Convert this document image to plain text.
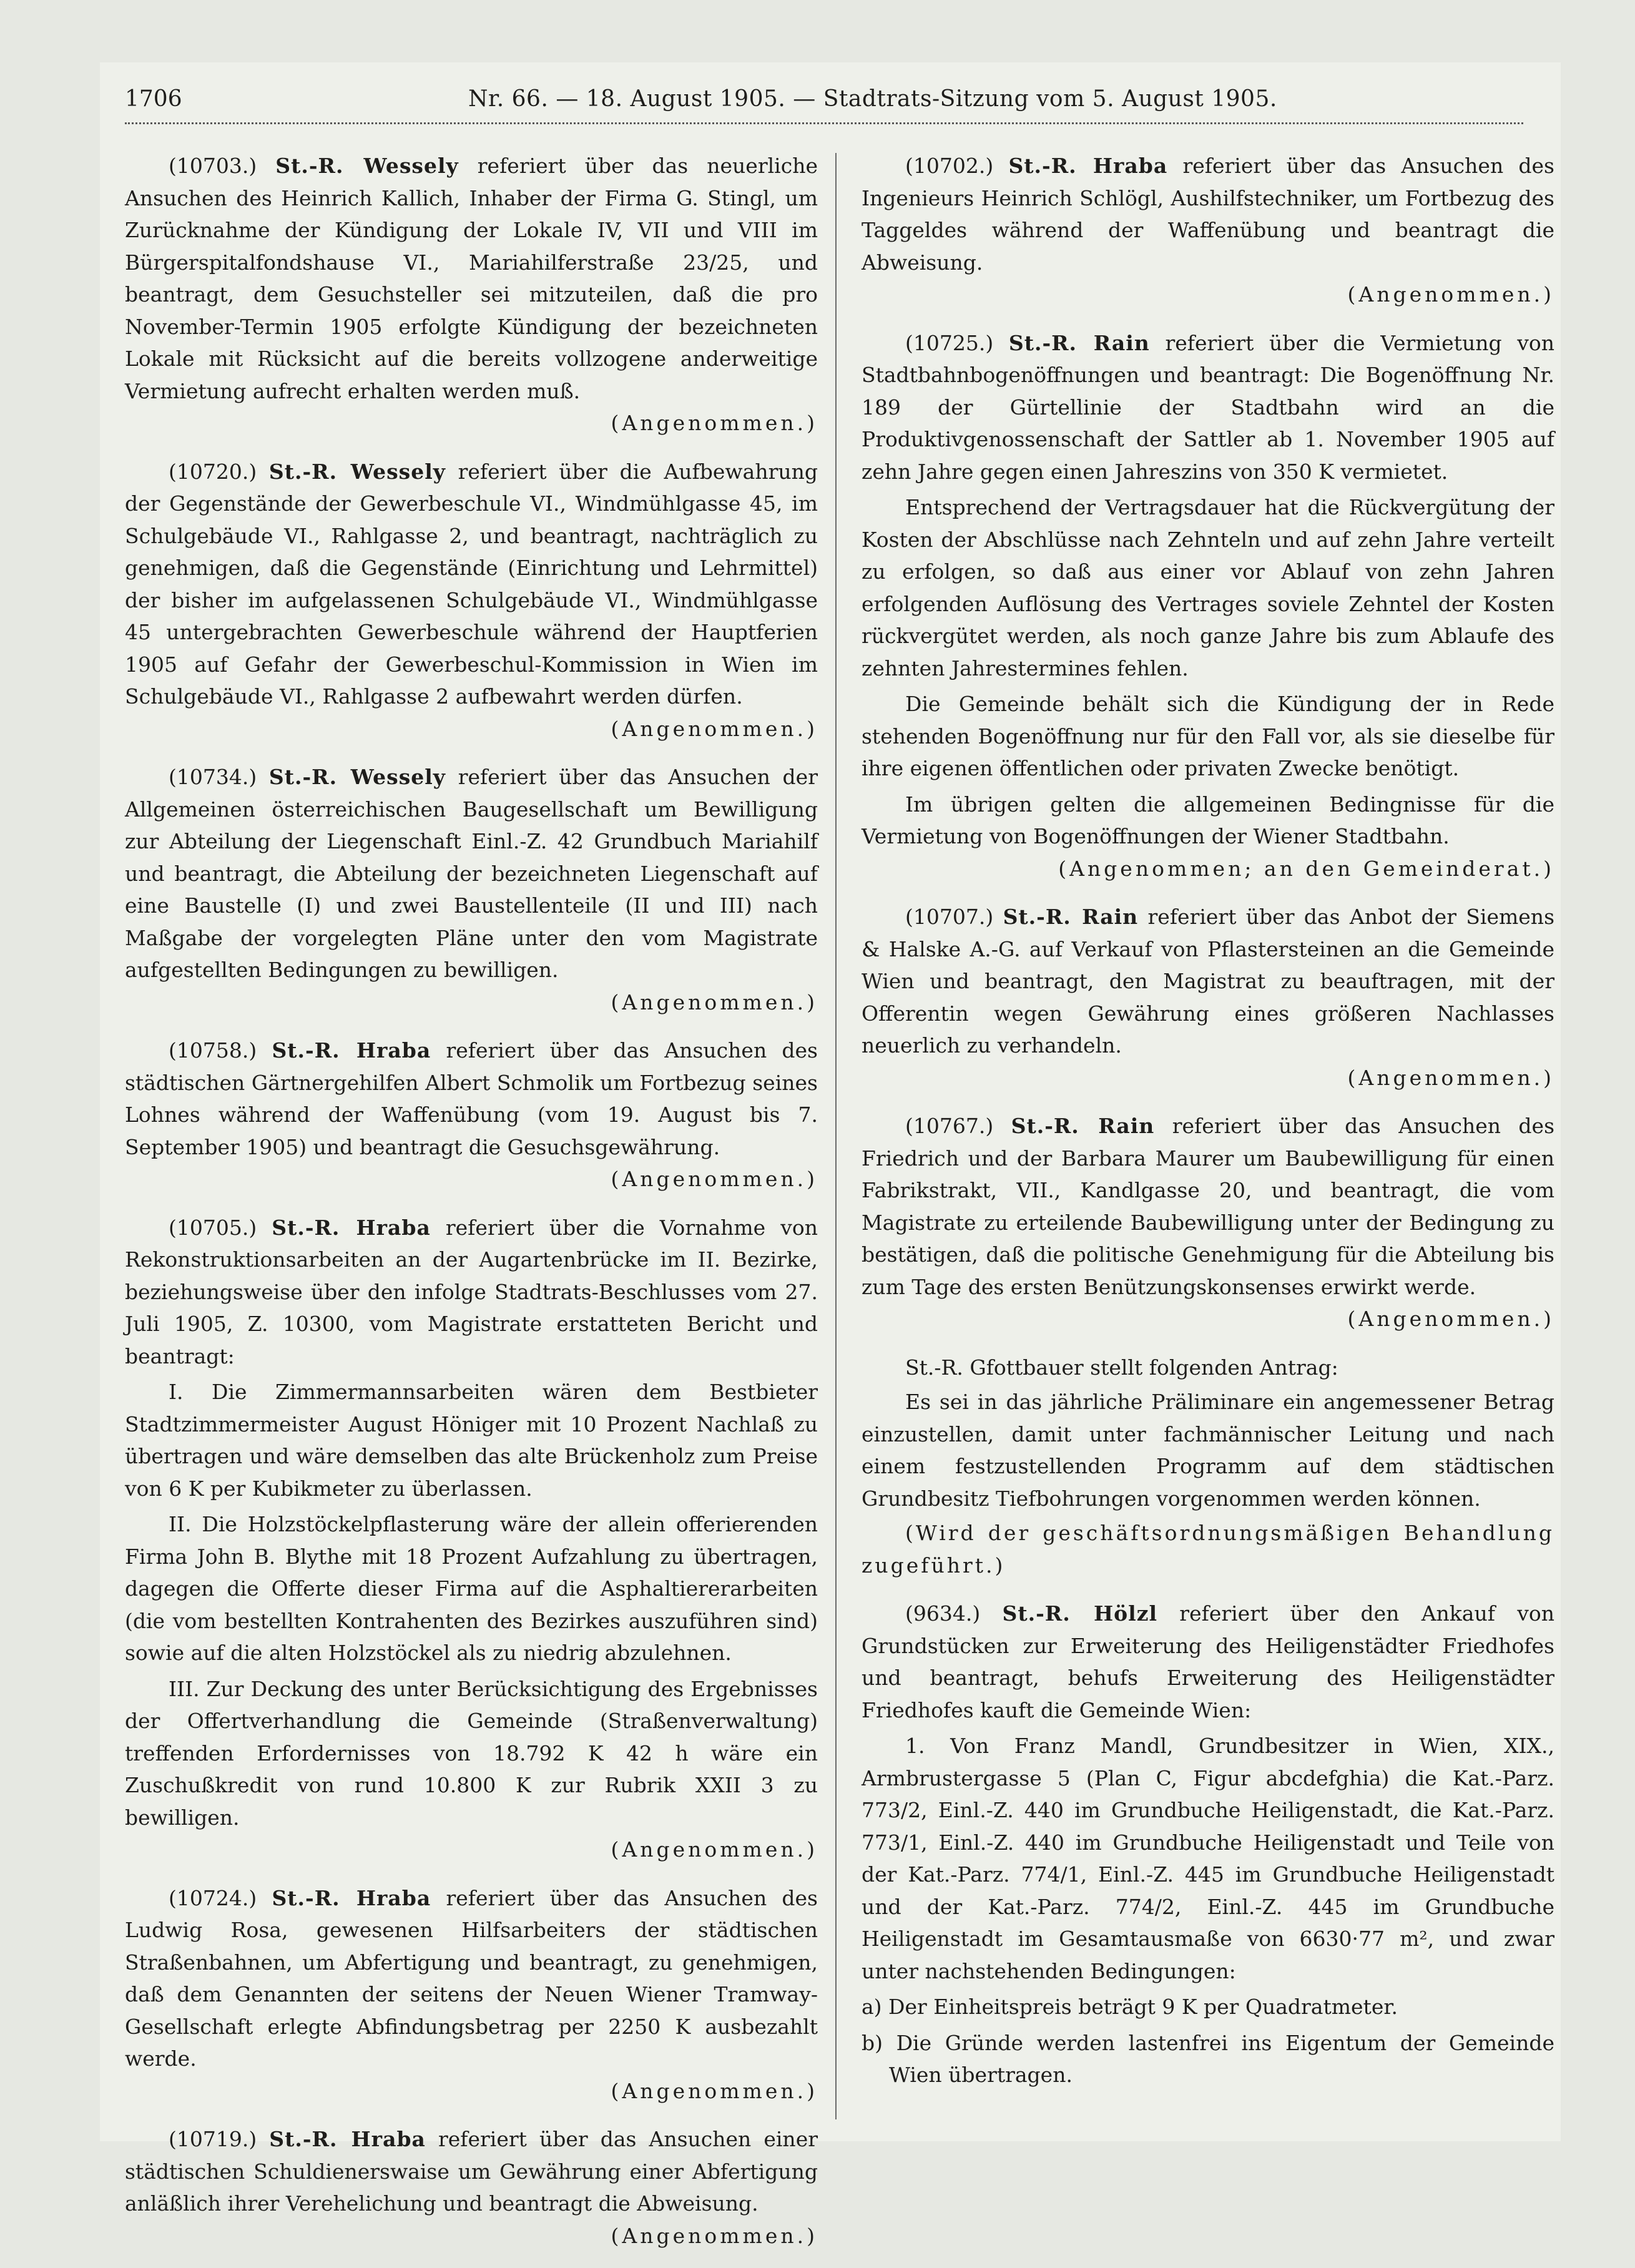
1706	Nr. 66. — 18. August 1905. — Stadtrats-Sitzung vom 5. August 1905.

(10703.) St.-R. Wessely referiert über das neuerliche Ansuchen des Heinrich Kallich, Inhaber der Firma G. Stingl, um Zurücknahme der Kündigung der Lokale IV, VII und VIII im Bürgerspitalfondshause VI., Mariahilferstraße 23/25, und beantragt, dem Gesuchsteller sei mitzuteilen, daß die pro November-Termin 1905 erfolgte Kündigung der bezeichneten Lokale mit Rücksicht auf die bereits vollzogene anderweitige Vermietung aufrecht erhalten werden muß.
(Angenommen.)

(10720.) St.-R. Wessely referiert über die Aufbewahrung der Gegenstände der Gewerbeschule VI., Windmühlgasse 45, im Schulgebäude VI., Rahlgasse 2, und beantragt, nachträglich zu genehmigen, daß die Gegenstände (Einrichtung und Lehrmittel) der bisher im aufgelassenen Schulgebäude VI., Windmühlgasse 45 untergebrachten Gewerbeschule während der Hauptferien 1905 auf Gefahr der Gewerbeschul-Kommission in Wien im Schulgebäude VI., Rahlgasse 2 aufbewahrt werden dürfen.
(Angenommen.)

(10734.) St.-R. Wessely referiert über das Ansuchen der Allgemeinen österreichischen Baugesellschaft um Bewilligung zur Abteilung der Liegenschaft Einl.-Z. 42 Grundbuch Mariahilf und beantragt, die Abteilung der bezeichneten Liegenschaft auf eine Baustelle (I) und zwei Baustellenteile (II und III) nach Maßgabe der vorgelegten Pläne unter den vom Magistrate aufgestellten Bedingungen zu bewilligen.
(Angenommen.)

(10758.) St.-R. Hraba referiert über das Ansuchen des städtischen Gärtnergehilfen Albert Schmolik um Fortbezug seines Lohnes während der Waffenübung (vom 19. August bis 7. September 1905) und beantragt die Gesuchsgewährung.
(Angenommen.)

(10705.) St.-R. Hraba referiert über die Vornahme von Rekonstruktionsarbeiten an der Augartenbrücke im II. Bezirke, beziehungsweise über den infolge Stadtrats-Beschlusses vom 27. Juli 1905, Z. 10300, vom Magistrate erstatteten Bericht und beantragt:

I. Die Zimmermannsarbeiten wären dem Bestbieter Stadtzimmermeister August Höniger mit 10 Prozent Nachlaß zu übertragen und wäre demselben das alte Brückenholz zum Preise von 6 K per Kubikmeter zu überlassen.

II. Die Holzstöckelpflasterung wäre der allein offerierenden Firma John B. Blythe mit 18 Prozent Aufzahlung zu übertragen, dagegen die Offerte dieser Firma auf die Asphaltiererarbeiten (die vom bestellten Kontrahenten des Bezirkes auszuführen sind) sowie auf die alten Holzstöckel als zu niedrig abzulehnen.

III. Zur Deckung des unter Berücksichtigung des Ergebnisses der Offertverhandlung die Gemeinde (Straßenverwaltung) treffenden Erfordernisses von 18.792 K 42 h wäre ein Zuschußkredit von rund 10.800 K zur Rubrik XXII 3 zu bewilligen.
(Angenommen.)

(10724.) St.-R. Hraba referiert über das Ansuchen des Ludwig Rosa, gewesenen Hilfsarbeiters der städtischen Straßenbahnen, um Abfertigung und beantragt, zu genehmigen, daß dem Genannten der seitens der Neuen Wiener Tramway-Gesellschaft erlegte Abfindungsbetrag per 2250 K ausbezahlt werde.
(Angenommen.)

(10719.) St.-R. Hraba referiert über das Ansuchen einer städtischen Schuldienerswaise um Gewährung einer Abfertigung anläßlich ihrer Verehelichung und beantragt die Abweisung.
(Angenommen.)

(10702.) St.-R. Hraba referiert über das Ansuchen des Ingenieurs Heinrich Schlögl, Aushilfstechniker, um Fortbezug des Taggeldes während der Waffenübung und beantragt die Abweisung.
(Angenommen.)

(10725.) St.-R. Rain referiert über die Vermietung von Stadtbahnbogenöffnungen und beantragt: Die Bogenöffnung Nr. 189 der Gürtellinie der Stadtbahn wird an die Produktivgenossenschaft der Sattler ab 1. November 1905 auf zehn Jahre gegen einen Jahreszins von 350 K vermietet.

Entsprechend der Vertragsdauer hat die Rückvergütung der Kosten der Abschlüsse nach Zehnteln und auf zehn Jahre verteilt zu erfolgen, so daß aus einer vor Ablauf von zehn Jahren erfolgenden Auflösung des Vertrages soviele Zehntel der Kosten rückvergütet werden, als noch ganze Jahre bis zum Ablaufe des zehnten Jahrestermines fehlen.

Die Gemeinde behält sich die Kündigung der in Rede stehenden Bogenöffnung nur für den Fall vor, als sie dieselbe für ihre eigenen öffentlichen oder privaten Zwecke benötigt.

Im übrigen gelten die allgemeinen Bedingnisse für die Vermietung von Bogenöffnungen der Wiener Stadtbahn.
(Angenommen; an den Gemeinderat.)

(10707.) St.-R. Rain referiert über das Anbot der Siemens & Halske A.-G. auf Verkauf von Pflastersteinen an die Gemeinde Wien und beantragt, den Magistrat zu beauftragen, mit der Offerentin wegen Gewährung eines größeren Nachlasses neuerlich zu verhandeln.
(Angenommen.)

(10767.) St.-R. Rain referiert über das Ansuchen des Friedrich und der Barbara Maurer um Baubewilligung für einen Fabrikstrakt, VII., Kandlgasse 20, und beantragt, die vom Magistrate zu erteilende Baubewilligung unter der Bedingung zu bestätigen, daß die politische Genehmigung für die Abteilung bis zum Tage des ersten Benützungskonsenses erwirkt werde.
(Angenommen.)

St.-R. Gfottbauer stellt folgenden Antrag:

Es sei in das jährliche Präliminare ein angemessener Betrag einzustellen, damit unter fachmännischer Leitung und nach einem festzustellenden Programm auf dem städtischen Grundbesitz Tiefbohrungen vorgenommen werden können.

(Wird der geschäftsordnungsmäßigen Behandlung zugeführt.)

(9634.) St.-R. Hölzl referiert über den Ankauf von Grundstücken zur Erweiterung des Heiligenstädter Friedhofes und beantragt, behufs Erweiterung des Heiligenstädter Friedhofes kauft die Gemeinde Wien:

1. Von Franz Mandl, Grundbesitzer in Wien, XIX., Armbrustergasse 5 (Plan C, Figur abcdefghia) die Kat.-Parz. 773/2, Einl.-Z. 440 im Grundbuche Heiligenstadt, die Kat.-Parz. 773/1, Einl.-Z. 440 im Grundbuche Heiligenstadt und Teile von der Kat.-Parz. 774/1, Einl.-Z. 445 im Grundbuche Heiligenstadt und der Kat.-Parz. 774/2, Einl.-Z. 445 im Grundbuche Heiligenstadt im Gesamtausmaße von 6630·77 m², und zwar unter nachstehenden Bedingungen:

a) Der Einheitspreis beträgt 9 K per Quadratmeter.

b) Die Gründe werden lastenfrei ins Eigentum der Gemeinde Wien übertragen.
